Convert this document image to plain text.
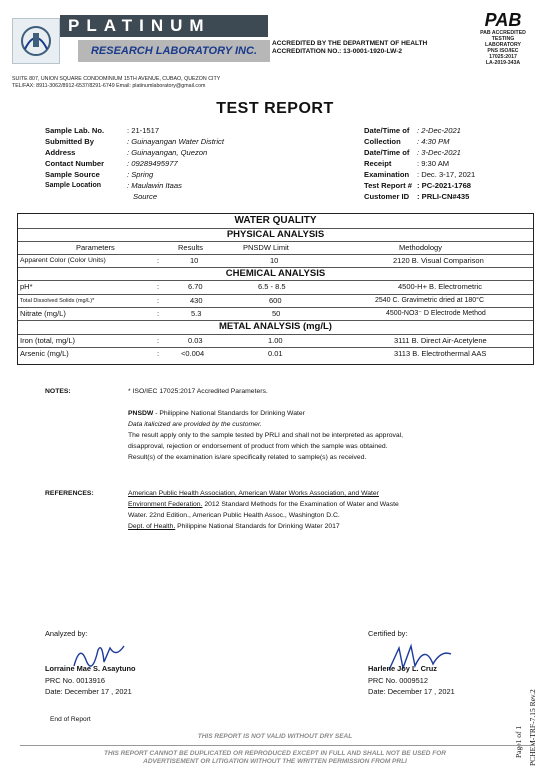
PLATINUM
RESEARCH LABORATORY INC.
ACCREDITED BY THE DEPARTMENT OF HEALTH
ACCREDITATION NO.: 13-0001-1920-LW-2
PAB
PAB ACCREDITED
TESTING
LABORATORY
PNS ISO/IEC
17025:2017
LA-2019-343A
SUITE 807, UNION SQUARE CONDOMINIUM 15TH AVENUE, CUBAO, QUEZON CITY
TEL/FAX: 8911-3062/8912-6537/8291-6749 Email: platinumlaboratory@gmail.com
TEST REPORT
Sample Lab. No.	: 21-1517
Submitted By	: Guinayangan Water District
Address	: Guinayangan, Quezon
Contact Number	: 09289495977
Sample Source	: Spring
Sample Location	: Maulawin Itaas
Source
Date/Time of : 2-Dec-2021
Collection : 4:30 PM
Date/Time of : 3-Dec-2021
Receipt	: 9:30 AM
Examination : Dec. 3-17, 2021
Test Report # : PC-2021-1768
Customer ID : PRLI-CN#435
WATER QUALITY
PHYSICAL ANALYSIS
Parameters	Results	PNSDW Limit	Methodology
Apparent Color (Color Units)	:	10	10	2120 B. Visual Comparison
CHEMICAL ANALYSIS
pH*	:	6.70	6.5 - 8.5	4500-H+ B. Electrometric
Total Dissolved Solids (mg/L)*	:	430	600	2540 C. Gravimetric dried at 180°C
Nitrate (mg/L)	:	5.3	50	4500-NO3⁻ D Electrode Method
METAL ANALYSIS (mg/L)
Iron (total, mg/L)	:	0.03	1.00	3111 B. Direct Air-Acetylene
Arsenic (mg/L)	:	<0.004	0.01	3113 B. Electrothermal AAS
NOTES:	* ISO/IEC 17025:2017 Accredited Parameters.
PNSDW - Philippine National Standards for Drinking Water
Data italicized are provided by the customer.
The result apply only to the sample tested by PRLI and shall not be interpreted as approval,
disapproval, rejection or endorsement of product from which the sample was obtained.
Result(s) of the examination is/are specifically related to sample(s) as received.
REFERENCES:	American Public Health Association, American Water Works Association, and Water
Environment Federation. 2012 Standard Methods for the Examination of Water and Waste
Water. 22nd Edition., American Public Health Assoc., Washington D.C.
Dept. of Health. Philippine National Standards for Drinking Water 2017
Analyzed by:
Lorraine Mae S. Asaytuno
PRC No. 0013916
Date: December 17 , 2021
Certified by:
Harlene Joy L. Cruz
PRC No. 0009512
Date: December 17 , 2021
End of Report
Page1 of 1 PCHEM-TRF-7.15 Rev.2
THIS REPORT IS NOT VALID WITHOUT DRY SEAL
THIS REPORT CANNOT BE DUPLICATED OR REPRODUCED EXCEPT IN FULL AND SHALL NOT BE USED FOR
ADVERTISEMENT OR LITIGATION WITHOUT THE WRITTEN PERMISSION FROM PRLI
